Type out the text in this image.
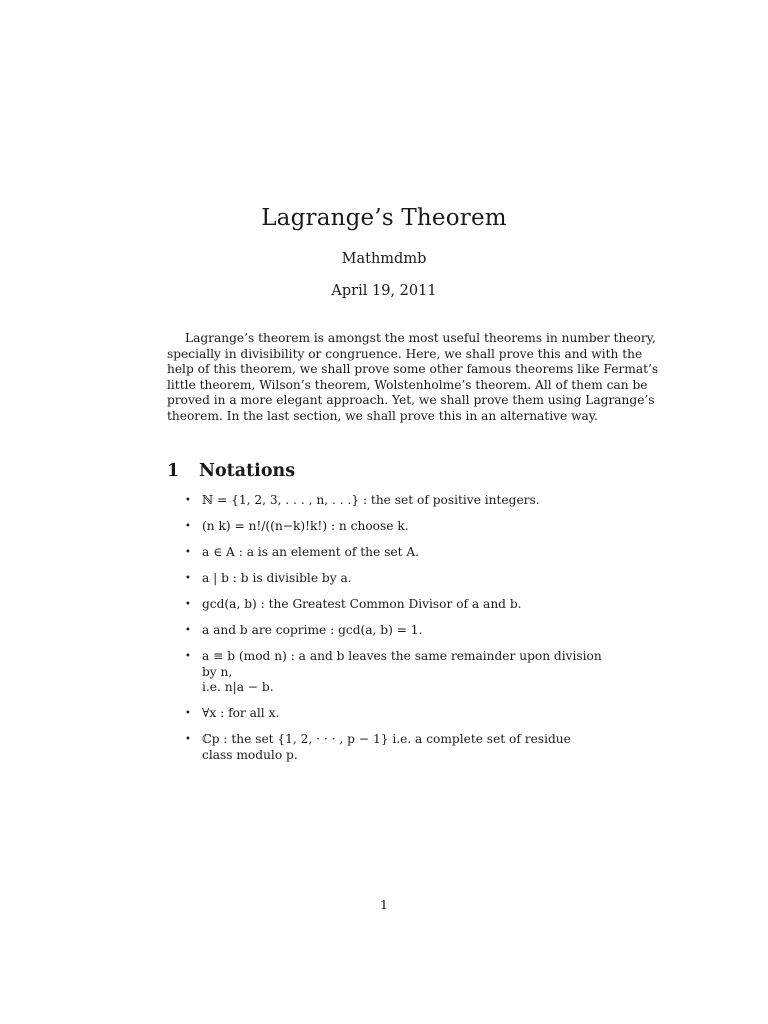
Lagrange’s Theorem
Mathmdmb
April 19, 2011
Lagrange’s theorem is amongst the most useful theorems in number theory,
specially in divisibility or congruence. Here, we shall prove this and with the
help of this theorem, we shall prove some other famous theorems like Fermat’s
little theorem, Wilson’s theorem, Wolstenholme’s theorem. All of them can be
proved in a more elegant approach. Yet, we shall prove them using Lagrange’s
theorem. In the last section, we shall prove this in an alternative way.
1 Notations
• ℕ = {1, 2, 3, . . . , n, . . .} : the set of positive integers.
• (n k) = n!/((n−k)!k!) : n choose k.
• a ∈ A : a is an element of the set A.
• a | b : b is divisible by a.
• gcd(a, b) : the Greatest Common Divisor of a and b.
• a and b are coprime : gcd(a, b) = 1.
• a ≡ b (mod n) : a and b leaves the same remainder upon division by n,
i.e. n|a − b.
• ∀x : for all x.
• ℂp : the set {1, 2, · · · , p − 1} i.e. a complete set of residue class modulo p.
1
